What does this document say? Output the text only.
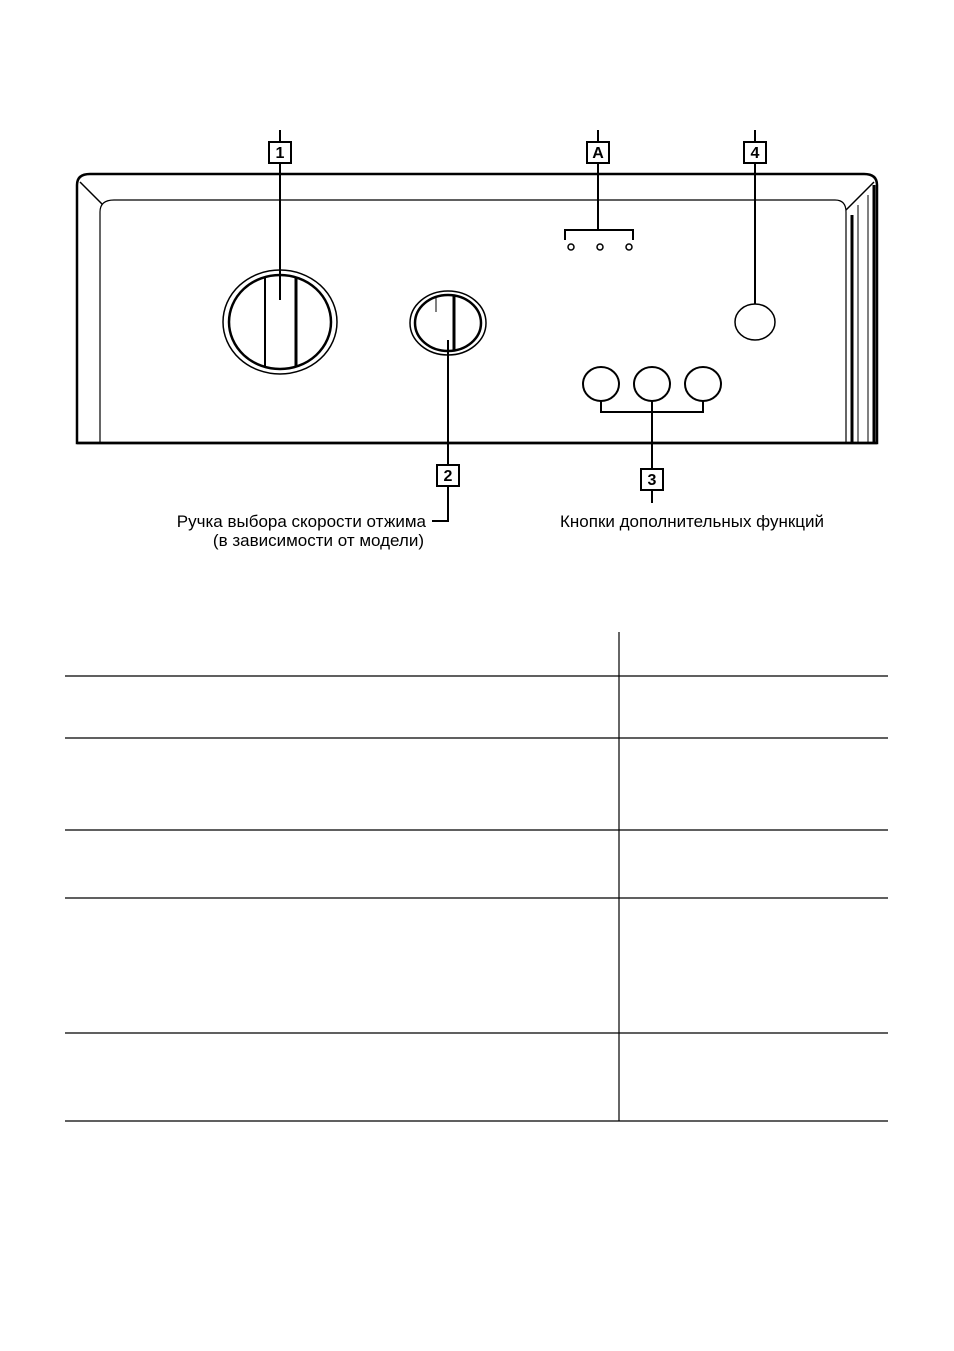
1	A	4
2	3
Ручка выбора скорости отжима
(в зависимости от модели)
Кнопки дополнительных функций
